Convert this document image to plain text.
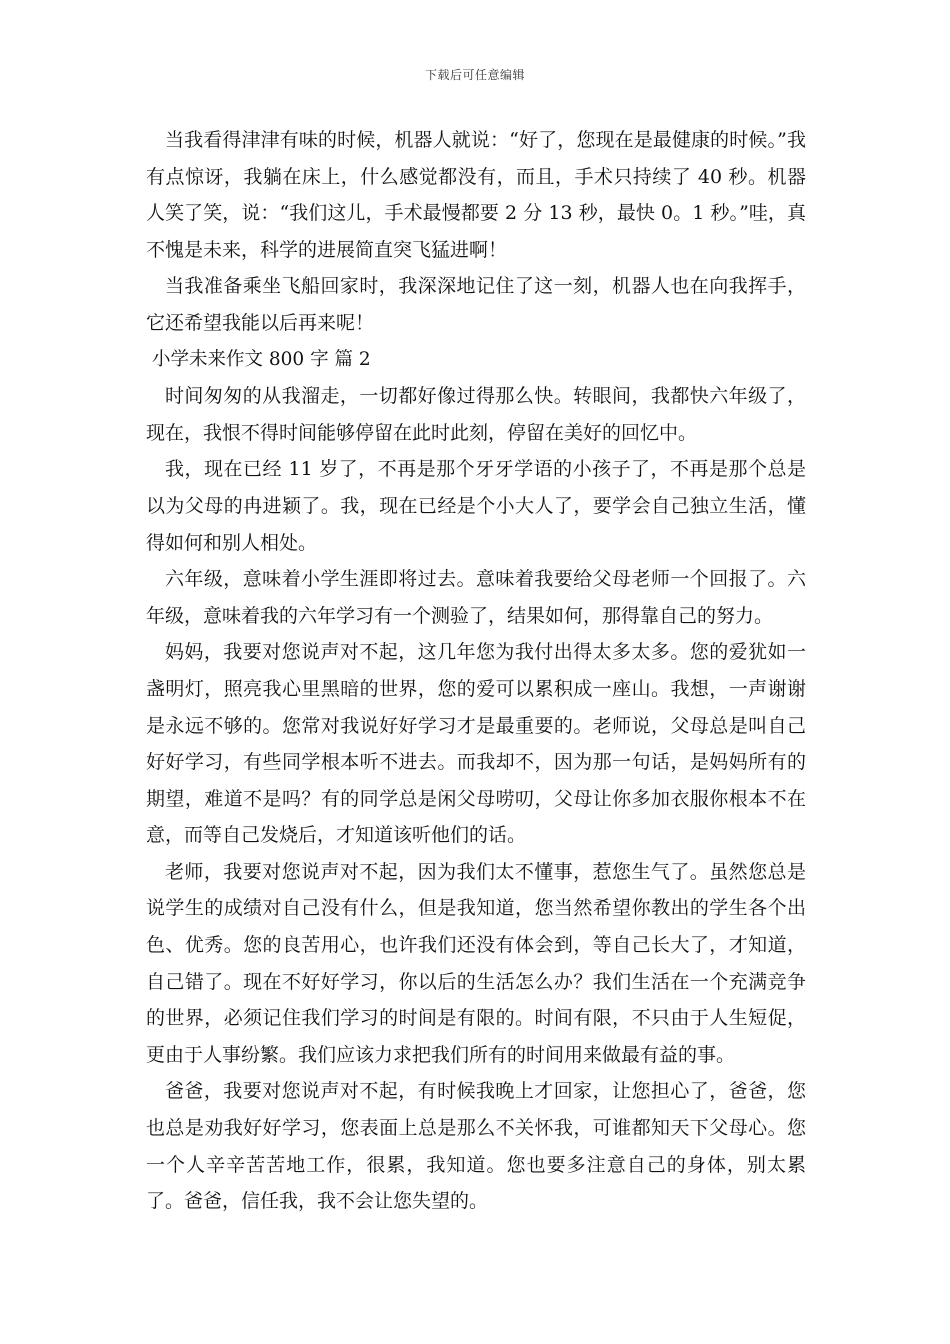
下载后可任意编辑

当我看得津津有味的时候，机器人就说：“好了，您现在是最健康的时候。”我有点惊讶，我躺在床上，什么感觉都没有，而且，手术只持续了 40 秒。机器人笑了笑，说：“我们这儿，手术最慢都要 2 分 13 秒，最快 0。1 秒。”哇，真不愧是未来，科学的进展简直突飞猛进啊！

当我准备乘坐飞船回家时，我深深地记住了这一刻，机器人也在向我挥手，它还希望我能以后再来呢！

小学未来作文 800 字 篇 2

时间匆匆的从我溜走，一切都好像过得那么快。转眼间，我都快六年级了，现在，我恨不得时间能够停留在此时此刻，停留在美好的回忆中。

我，现在已经 11 岁了，不再是那个牙牙学语的小孩子了，不再是那个总是以为父母的冉进颖了。我，现在已经是个小大人了，要学会自己独立生活，懂得如何和别人相处。

六年级，意味着小学生涯即将过去。意味着我要给父母老师一个回报了。六年级，意味着我的六年学习有一个测验了，结果如何，那得靠自己的努力。

妈妈，我要对您说声对不起，这几年您为我付出得太多太多。您的爱犹如一盏明灯，照亮我心里黑暗的世界，您的爱可以累积成一座山。我想，一声谢谢是永远不够的。您常对我说好好学习才是最重要的。老师说，父母总是叫自己好好学习，有些同学根本听不进去。而我却不，因为那一句话，是妈妈所有的期望，难道不是吗？有的同学总是闲父母唠叨，父母让你多加衣服你根本不在意，而等自己发烧后，才知道该听他们的话。

老师，我要对您说声对不起，因为我们太不懂事，惹您生气了。虽然您总是说学生的成绩对自己没有什么，但是我知道，您当然希望你教出的学生各个出色、优秀。您的良苦用心，也许我们还没有体会到，等自己长大了，才知道，自己错了。现在不好好学习，你以后的生活怎么办？我们生活在一个充满竞争的世界，必须记住我们学习的时间是有限的。时间有限，不只由于人生短促，更由于人事纷繁。我们应该力求把我们所有的时间用来做最有益的事。

爸爸，我要对您说声对不起，有时候我晚上才回家，让您担心了，爸爸，您也总是劝我好好学习，您表面上总是那么不关怀我，可谁都知天下父母心。您一个人辛辛苦苦地工作，很累，我知道。您也要多注意自己的身体，别太累了。爸爸，信任我，我不会让您失望的。
